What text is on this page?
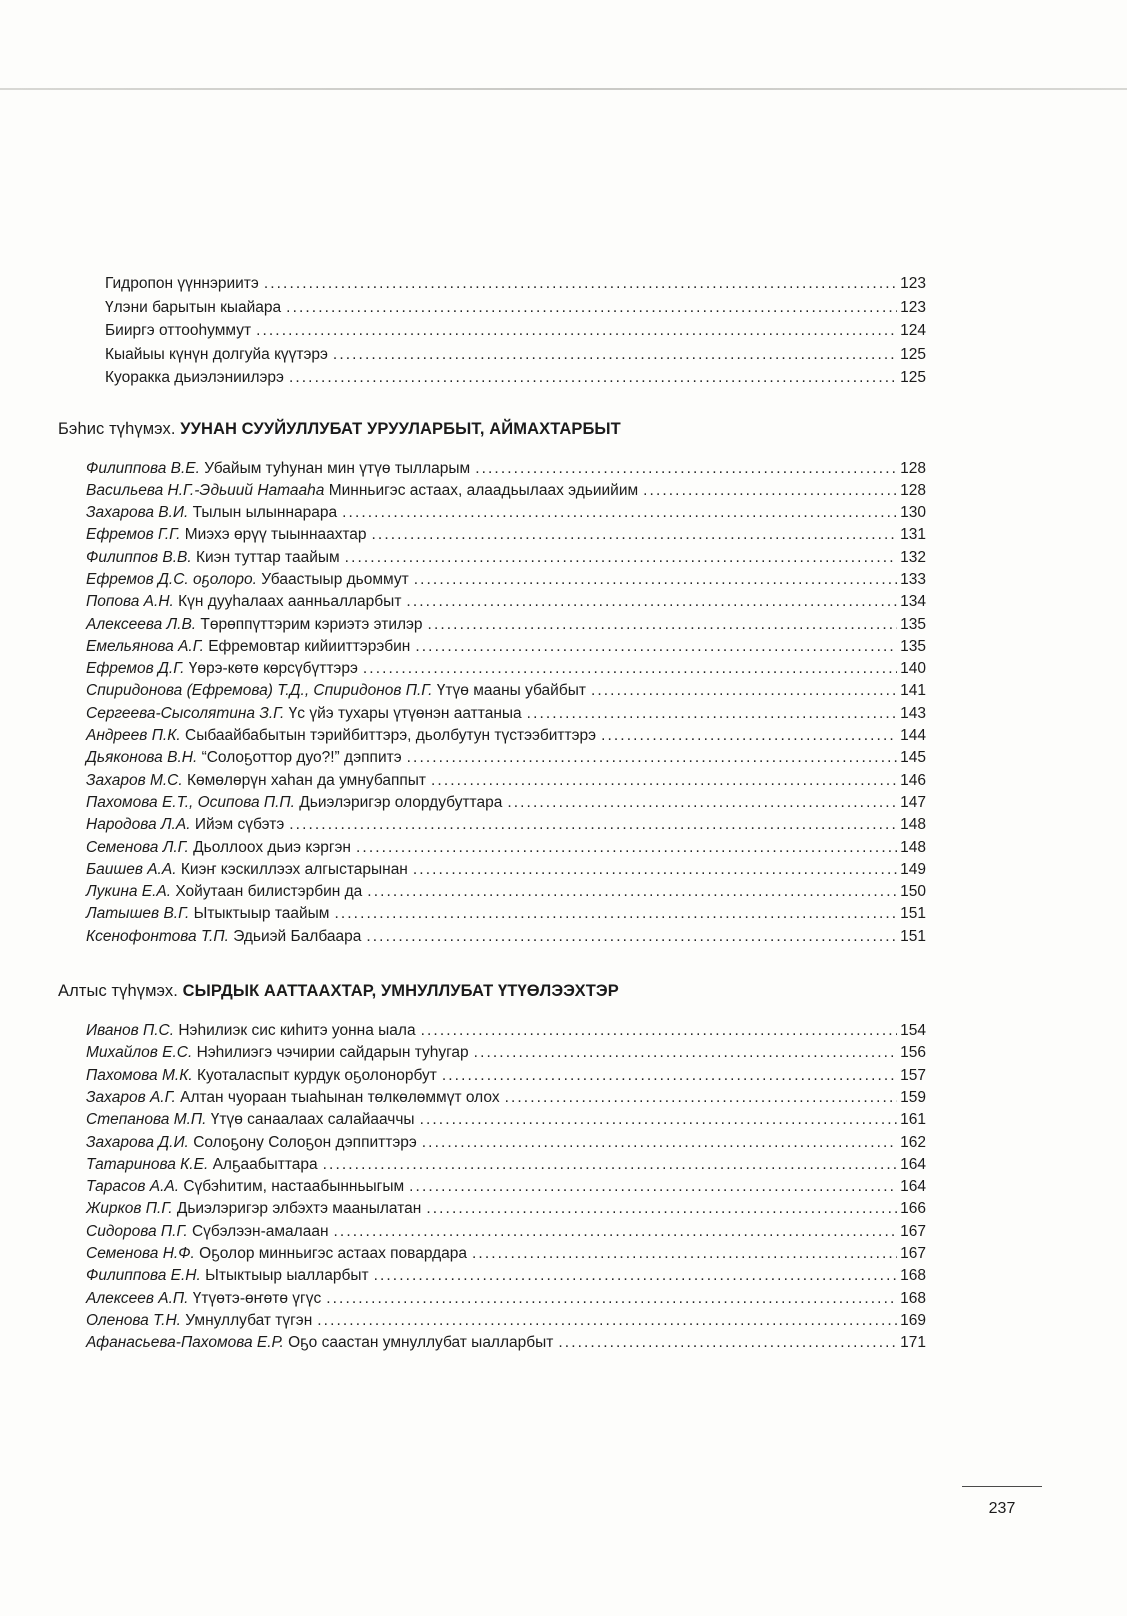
Гидропон үүннэриитэ .....	123
Үлэни барытын кыайара .....	123
Бииргэ оттооһуммут .....	124
Кыайыы күнүн долгуйа күүтэрэ .....	125
Куоракка дьиэлэниилэрэ .....	125
Бэһис түһүмэх. УУНАН СУУЙУЛЛУБАТ УРУУЛАРБЫТ, АЙМАХТАРБЫТ
Филиппова В.Е. Убайым туһунан мин үтүө тылларым .....	128
Васильева Н.Г.-Эдьиий Натааһа Минньигэс астаах, алаадьылаах эдьиийим .....	128
Захарова В.И. Тылын ылыннарара .....	130
Ефремов Г.Г. Миэхэ өрүү тыыннаахтар .....	131
Филиппов В.В. Киэн туттар таайым .....	132
Ефремов Д.С. оҕолоро. Убаастыыр дьоммут .....	133
Попова А.Н. Күн дууһалаах аанньалларбыт .....	134
Алексеева Л.В. Төрөппүттэрим кэриэтэ этилэр .....	135
Емельянова А.Г. Ефремовтар кийииттэрэбин .....	135
Ефремов Д.Г. Үөрэ-көтө көрсүбүттэрэ .....	140
Спиридонова (Ефремова) Т.Д., Спиридонов П.Г. Үтүө мааны убайбыт .....	141
Сергеева-Сысолятина З.Г. Үс үйэ тухары үтүөнэн ааттаныа .....	143
Андреев П.К. Сыбаайбабытын тэрийбиттэрэ, дьолбутун түстээбиттэрэ .....	144
Дьяконова В.Н. “Солоҕоттор дуо?!” дэппитэ .....	145
Захаров М.С. Көмөлөрүн хаһан да умнубаппыт .....	146
Пахомова Е.Т., Осипова П.П. Дьиэлэригэр олордубуттара .....	147
Народова Л.А. Ийэм сүбэтэ .....	148
Семенова Л.Г. Дьоллоох дьиэ кэргэн .....	148
Баишев А.А. Киэҥ кэскиллээх алгыстарынан .....	149
Лукина Е.А. Хойутаан билистэрбин да .....	150
Латышев В.Г. Ытыктыыр таайым .....	151
Ксенофонтова Т.П. Эдьиэй Балбаара .....	151
Алтыс түһүмэх. СЫРДЫК ААТТААХТАР, УМНУЛЛУБАТ ҮТҮӨЛЭЭХТЭР
Иванов П.С. Нэһилиэк сис киһитэ уонна ыала .....	154
Михайлов Е.С. Нэһилиэгэ чэчирии сайдарын туһугар .....	156
Пахомова М.К. Куоталаспыт курдук оҕолонорбут .....	157
Захаров А.Г. Алтан чуораан тыаһынан төлкөлөммүт олох .....	159
Степанова М.П. Үтүө санаалаах салайааччы .....	161
Захарова Д.И. Солоҕону Солоҕон дэппиттэрэ .....	162
Татаринова К.Е. Алҕаабыттара .....	164
Тарасов А.А. Сүбэһитим, настаабынньыгым .....	164
Жирков П.Г. Дьиэлэригэр элбэхтэ маанылатан .....	166
Сидорова П.Г. Сүбэлээн-амалаан .....	167
Семенова Н.Ф. Оҕолор минньигэс астаах повардара .....	167
Филиппова Е.Н. Ытыктыыр ыалларбыт .....	168
Алексеев А.П. Үтүөтэ-өҥөтө үгүс .....	168
Оленова Т.Н. Умнуллубат түгэн .....	169
Афанасьева-Пахомова Е.Р. Оҕо саастан умнуллубат ыалларбыт .....	171
237
